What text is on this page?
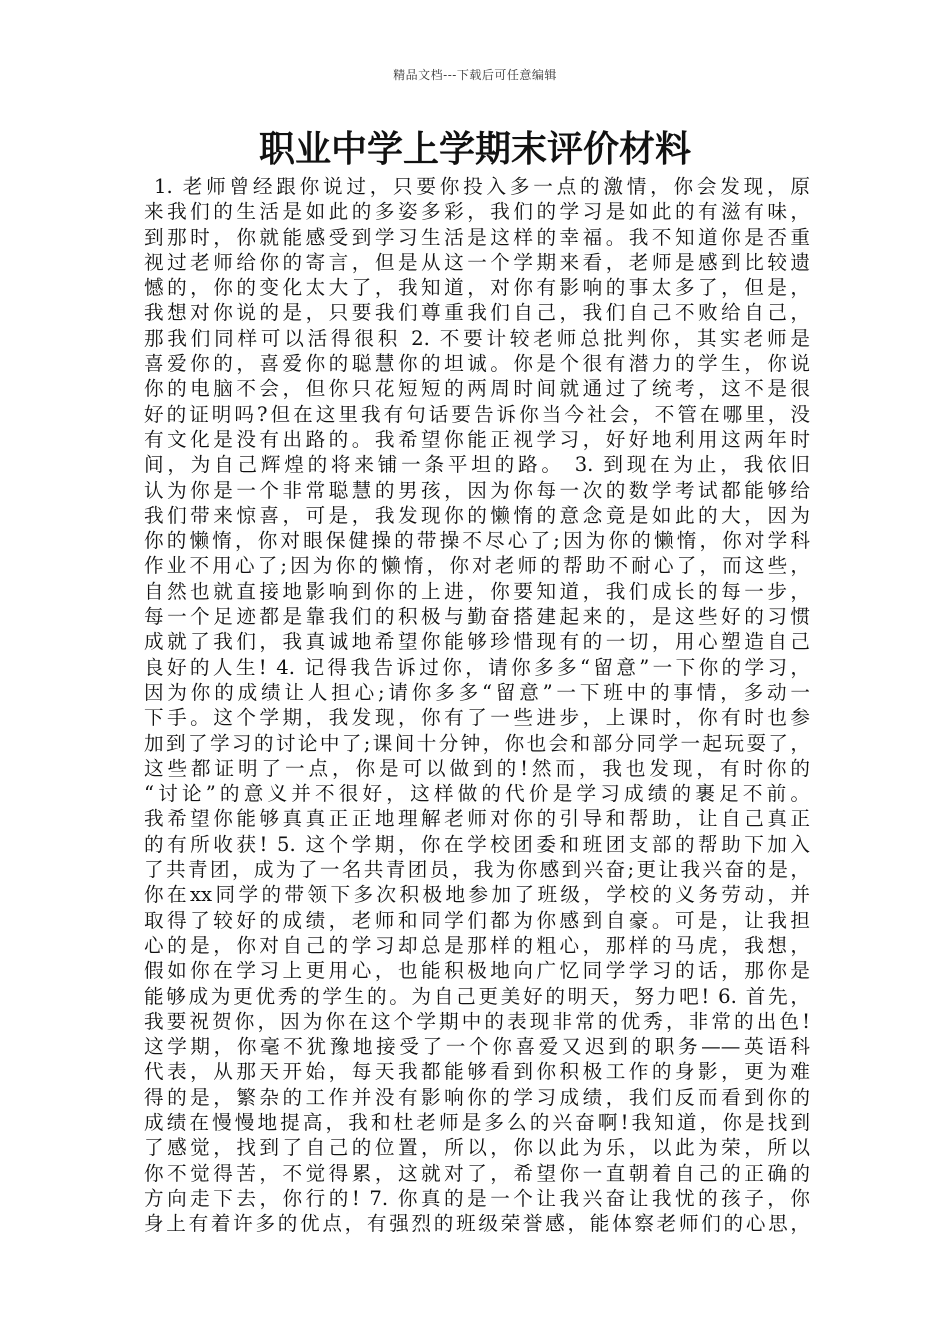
精品文档---下载后可任意编辑
职业中学上学期末评价材料
1. 老师曾经跟你说过，只要你投入多一点的激情，你会发现，原
来我们的生活是如此的多姿多彩，我们的学习是如此的有滋有味，
到那时，你就能感受到学习生活是这样的幸福。我不知道你是否重
视过老师给你的寄言，但是从这一个学期来看，老师是感到比较遗
憾的，你的变化太大了，我知道，对你有影响的事太多了，但是，
我想对你说的是，只要我们尊重我们自己，我们自己不败给自己，
那我们同样可以活得很积 2. 不要计较老师总批判你，其实老师是
喜爱你的，喜爱你的聪慧你的坦诚。你是个很有潜力的学生，你说
你的电脑不会，但你只花短短的两周时间就通过了统考，这不是很
好的证明吗?但在这里我有句话要告诉你当今社会，不管在哪里，没
有文化是没有出路的。我希望你能正视学习，好好地利用这两年时
间，为自己辉煌的将来铺一条平坦的路。 3. 到现在为止，我依旧
认为你是一个非常聪慧的男孩，因为你每一次的数学考试都能够给
我们带来惊喜，可是，我发现你的懒惰的意念竟是如此的大，因为
你的懒惰，你对眼保健操的带操不尽心了;因为你的懒惰，你对学科
作业不用心了;因为你的懒惰，你对老师的帮助不耐心了，而这些，
自然也就直接地影响到你的上进，你要知道，我们成长的每一步，
每一个足迹都是靠我们的积极与勤奋搭建起来的，是这些好的习惯
成就了我们，我真诚地希望你能够珍惜现有的一切，用心塑造自己
良好的人生! 4. 记得我告诉过你，请你多多“留意”一下你的学习，
因为你的成绩让人担心;请你多多“留意”一下班中的事情，多动一
下手。这个学期，我发现，你有了一些进步，上课时，你有时也参
加到了学习的讨论中了;课间十分钟，你也会和部分同学一起玩耍了，
这些都证明了一点，你是可以做到的!然而，我也发现，有时你的
“讨论”的意义并不很好，这样做的代价是学习成绩的裹足不前。
我希望你能够真真正正地理解老师对你的引导和帮助，让自己真正
的有所收获! 5. 这个学期，你在学校团委和班团支部的帮助下加入
了共青团，成为了一名共青团员，我为你感到兴奋;更让我兴奋的是，
你在xx同学的带领下多次积极地参加了班级，学校的义务劳动，并
取得了较好的成绩，老师和同学们都为你感到自豪。可是，让我担
心的是，你对自己的学习却总是那样的粗心，那样的马虎，我想，
假如你在学习上更用心，也能积极地向广忆同学学习的话，那你是
能够成为更优秀的学生的。为自己更美好的明天，努力吧! 6. 首先，
我要祝贺你，因为你在这个学期中的表现非常的优秀，非常的出色!
这学期，你毫不犹豫地接受了一个你喜爱又迟到的职务——英语科
代表，从那天开始，每天我都能够看到你积极工作的身影，更为难
得的是，繁杂的工作并没有影响你的学习成绩，我们反而看到你的
成绩在慢慢地提高，我和杜老师是多么的兴奋啊!我知道，你是找到
了感觉，找到了自己的位置，所以，你以此为乐，以此为荣，所以
你不觉得苦，不觉得累，这就对了，希望你一直朝着自己的正确的
方向走下去，你行的! 7. 你真的是一个让我兴奋让我忧的孩子，你
身上有着许多的优点，有强烈的班级荣誉感，能体察老师们的心思，
